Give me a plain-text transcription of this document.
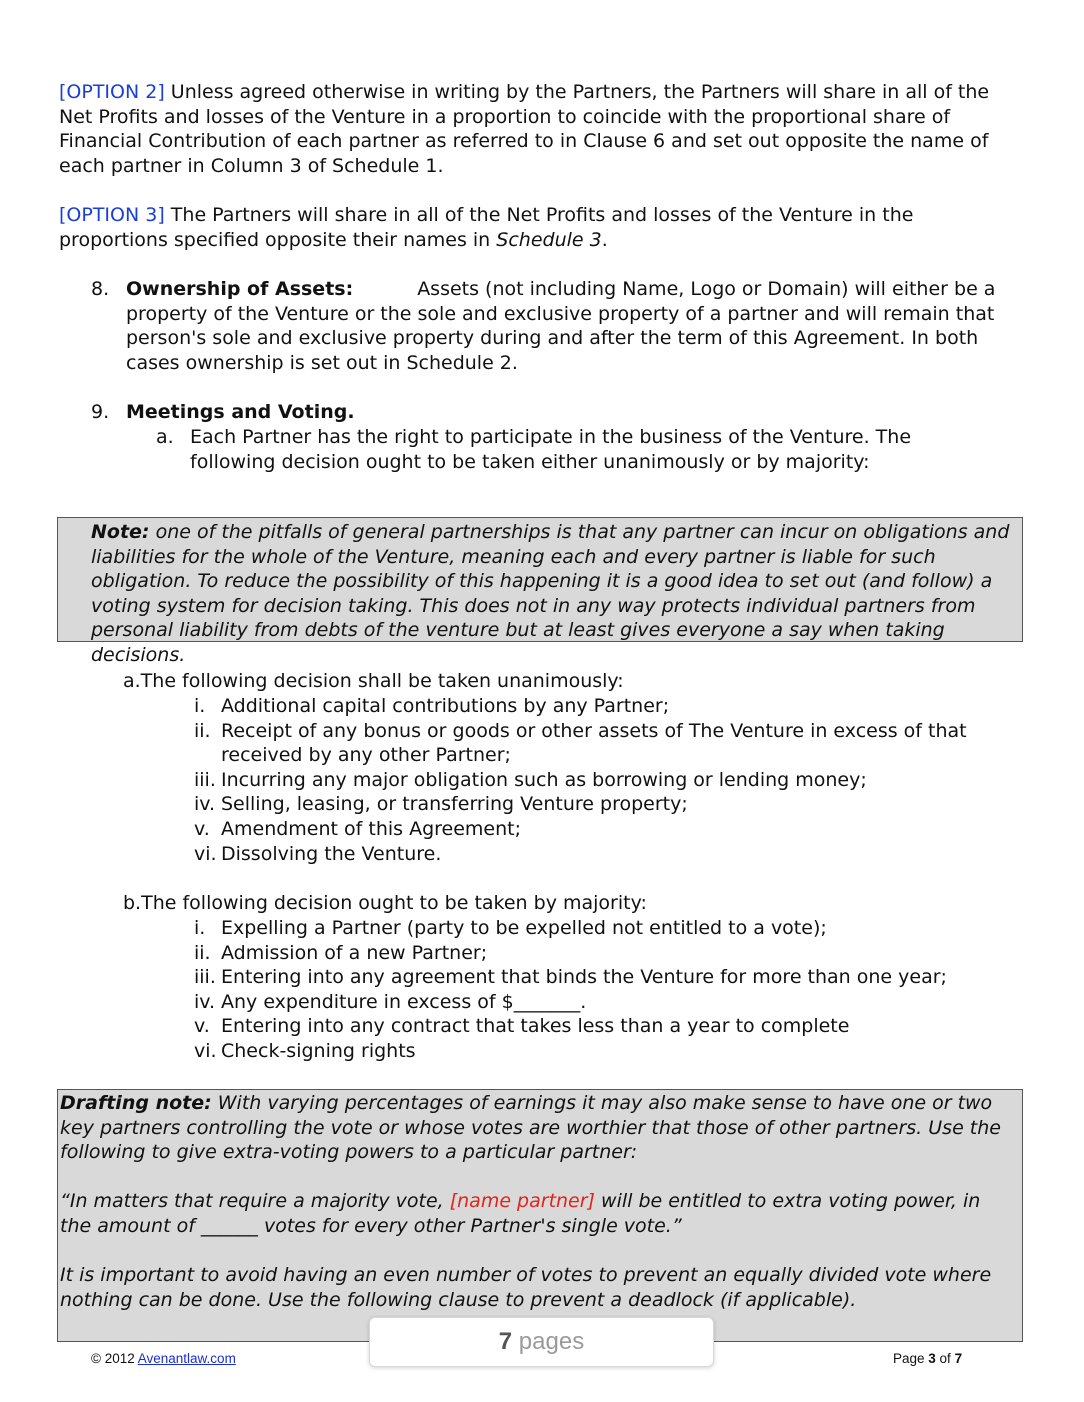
[OPTION 2] Unless agreed otherwise in writing by the Partners, the Partners will share in all of the Net Profits and losses of the Venture in a proportion to coincide with the proportional share of Financial Contribution of each partner as referred to in Clause 6 and set out opposite the name of each partner in Column 3 of Schedule 1.

[OPTION 3] The Partners will share in all of the Net Profits and losses of the Venture in the proportions specified opposite their names in Schedule 3.

8. Ownership of Assets:	Assets (not including Name, Logo or Domain) will either be a property of the Venture or the sole and exclusive property of a partner and will remain that person's sole and exclusive property during and after the term of this Agreement. In both cases ownership is set out in Schedule 2.

9. Meetings and Voting.
a. Each Partner has the right to participate in the business of the Venture. The following decision ought to be taken either unanimously or by majority:

Note: one of the pitfalls of general partnerships is that any partner can incur on obligations and liabilities for the whole of the Venture, meaning each and every partner is liable for such obligation. To reduce the possibility of this happening it is a good idea to set out (and follow) a voting system for decision taking. This does not in any way protects individual partners from personal liability from debts of the venture but at least gives everyone a say when taking decisions.

a.The following decision shall be taken unanimously:

i. Additional capital contributions by any Partner;
ii. Receipt of any bonus or goods or other assets of The Venture in excess of that received by any other Partner;
iii. Incurring any major obligation such as borrowing or lending money;
iv. Selling, leasing, or transferring Venture property;
v. Amendment of this Agreement;
vi. Dissolving the Venture.

b.The following decision ought to be taken by majority:

i. Expelling a Partner (party to be expelled not entitled to a vote);
ii. Admission of a new Partner;
iii. Entering into any agreement that binds the Venture for more than one year;
iv. Any expenditure in excess of $_______.
v. Entering into any contract that takes less than a year to complete
vi. Check-signing rights

Drafting note: With varying percentages of earnings it may also make sense to have one or two key partners controlling the vote or whose votes are worthier that those of other partners. Use the following to give extra-voting powers to a particular partner:

“In matters that require a majority vote, [name partner] will be entitled to extra voting power, in the amount of ______ votes for every other Partner's single vote.”

It is important to avoid having an even number of votes to prevent an equally divided vote where nothing can be done. Use the following clause to prevent a deadlock (if applicable).

© 2012 Avenantlaw.com	Page 3 of 7
7 pages
